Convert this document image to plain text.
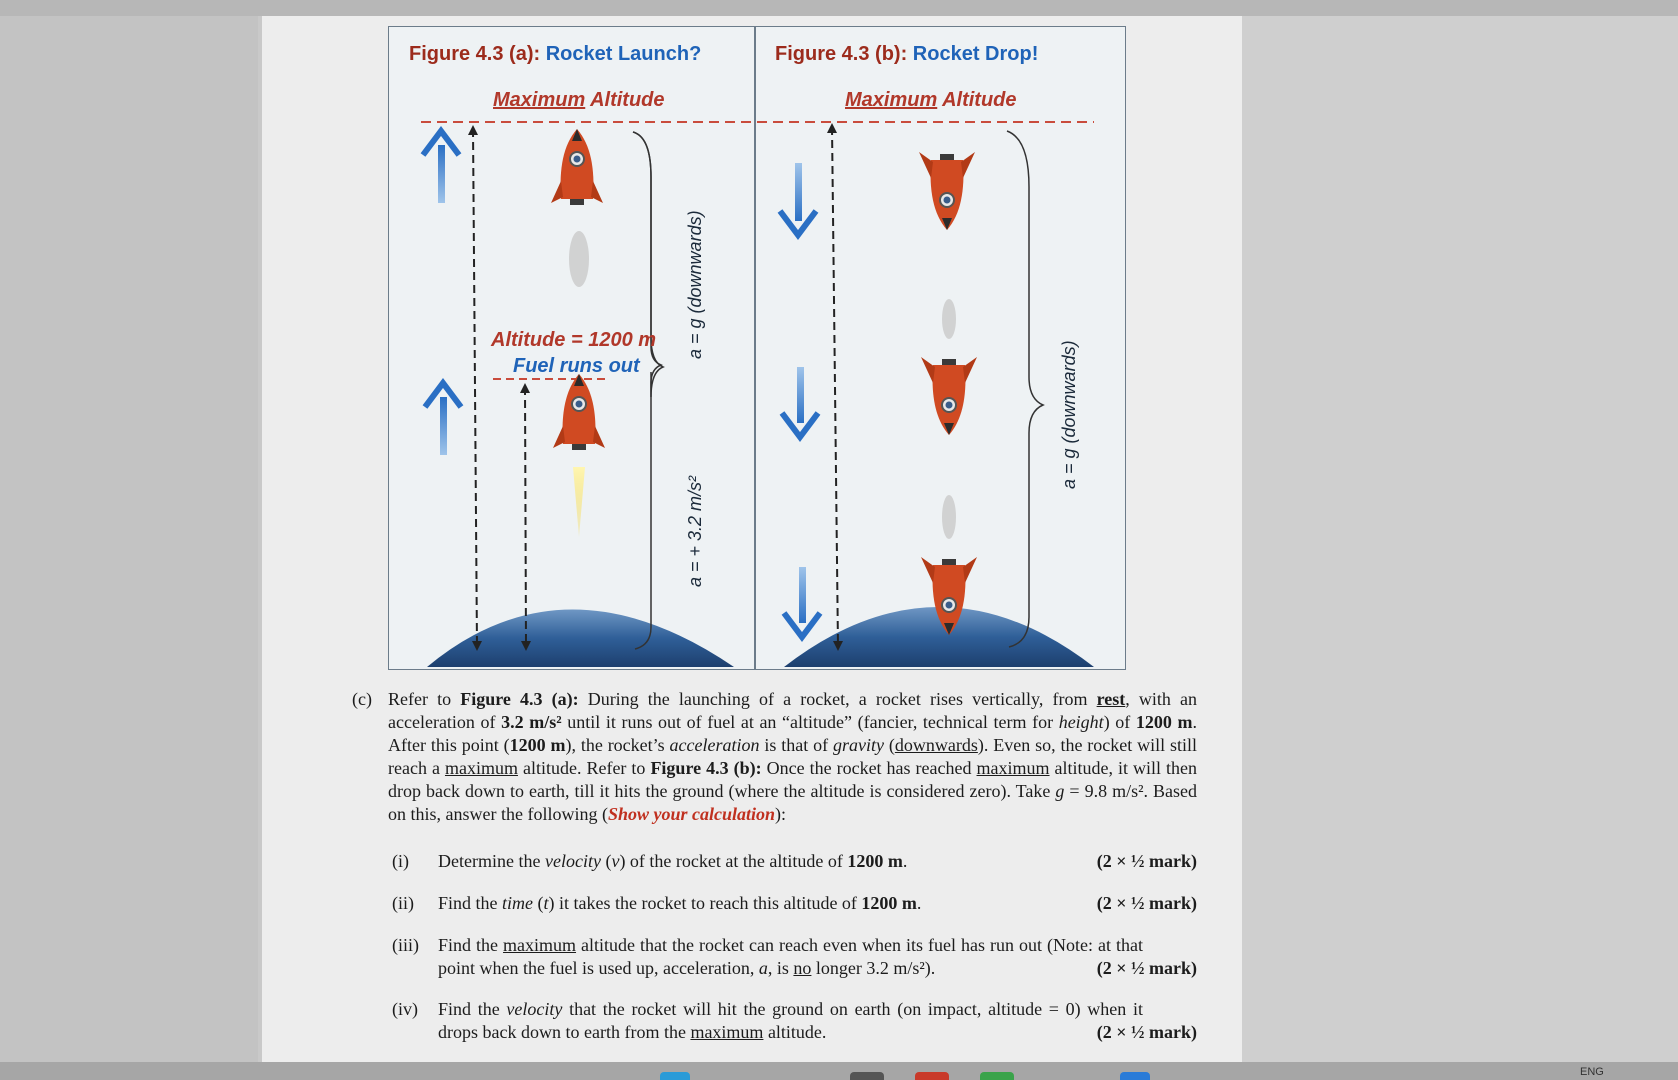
Figure 4.3 (a): Rocket Launch?	Figure 4.3 (b): Rocket Drop!
Maximum Altitude	Maximum Altitude
Altitude = 1200 m
Fuel runs out
a = g (downwards)
a = + 3.2 m/s²
a = g (downwards)
(c) Refer to Figure 4.3 (a): During the launching of a rocket, a rocket rises vertically, from rest, with an acceleration of 3.2 m/s² until it runs out of fuel at an “altitude” (fancier, technical term for height) of 1200 m. After this point (1200 m), the rocket’s acceleration is that of gravity (downwards). Even so, the rocket will still reach a maximum altitude. Refer to Figure 4.3 (b): Once the rocket has reached maximum altitude, it will then drop back down to earth, till it hits the ground (where the altitude is considered zero). Take g = 9.8 m/s². Based on this, answer the following (Show your calculation):

(i) Determine the velocity (v) of the rocket at the altitude of 1200 m.	(2 × ½ mark)
(ii) Find the time (t) it takes the rocket to reach this altitude of 1200 m.	(2 × ½ mark)
(iii) Find the maximum altitude that the rocket can reach even when its fuel has run out (Note: at that point when the fuel is used up, acceleration, a, is no longer 3.2 m/s²).	(2 × ½ mark)
(iv) Find the velocity that the rocket will hit the ground on earth (on impact, altitude = 0) when it drops back down to earth from the maximum altitude.	(2 × ½ mark)
ENG
